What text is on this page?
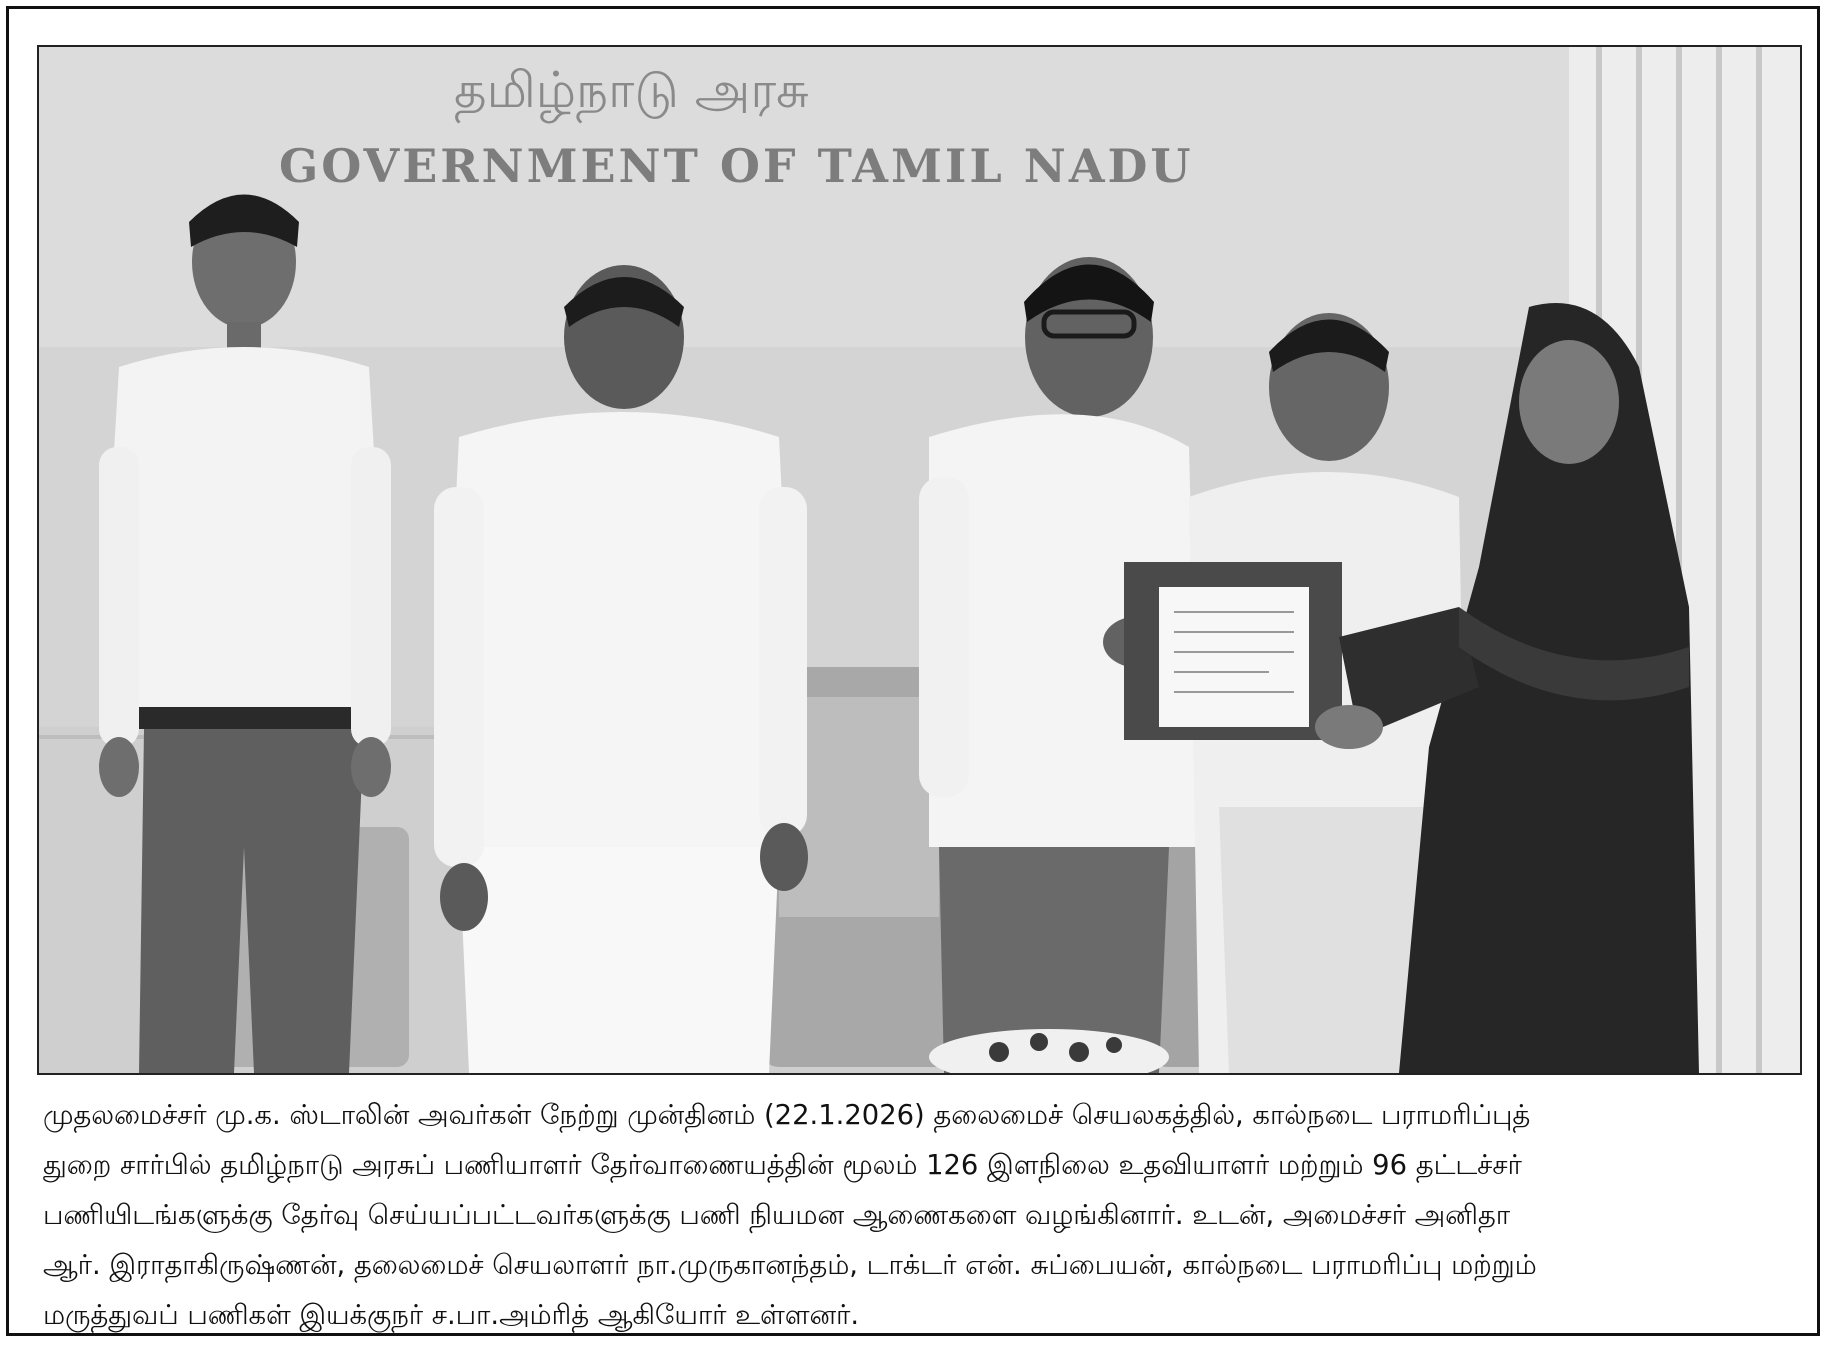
தமிழ்நாடு அரசு
GOVERNMENT OF TAMIL NADU
முதலமைச்சர் மு.க. ஸ்டாலின் அவர்கள் நேற்று முன்தினம் (22.1.2026) தலைமைச் செயலகத்தில், கால்நடை பராமரிப்புத்
துறை சார்பில் தமிழ்நாடு அரசுப் பணியாளர் தேர்வாணையத்தின் மூலம் 126 இளநிலை உதவியாளர் மற்றும் 96 தட்டச்சர்
பணியிடங்களுக்கு தேர்வு செய்யப்பட்டவர்களுக்கு பணி நியமன ஆணைகளை வழங்கினார். உடன், அமைச்சர் அனிதா
ஆர். இராதாகிருஷ்ணன், தலைமைச் செயலாளர் நா.முருகானந்தம், டாக்டர் என். சுப்பையன், கால்நடை பராமரிப்பு மற்றும்
மருத்துவப் பணிகள் இயக்குநர் ச.பா.அம்ரித் ஆகியோர் உள்ளனர்.
